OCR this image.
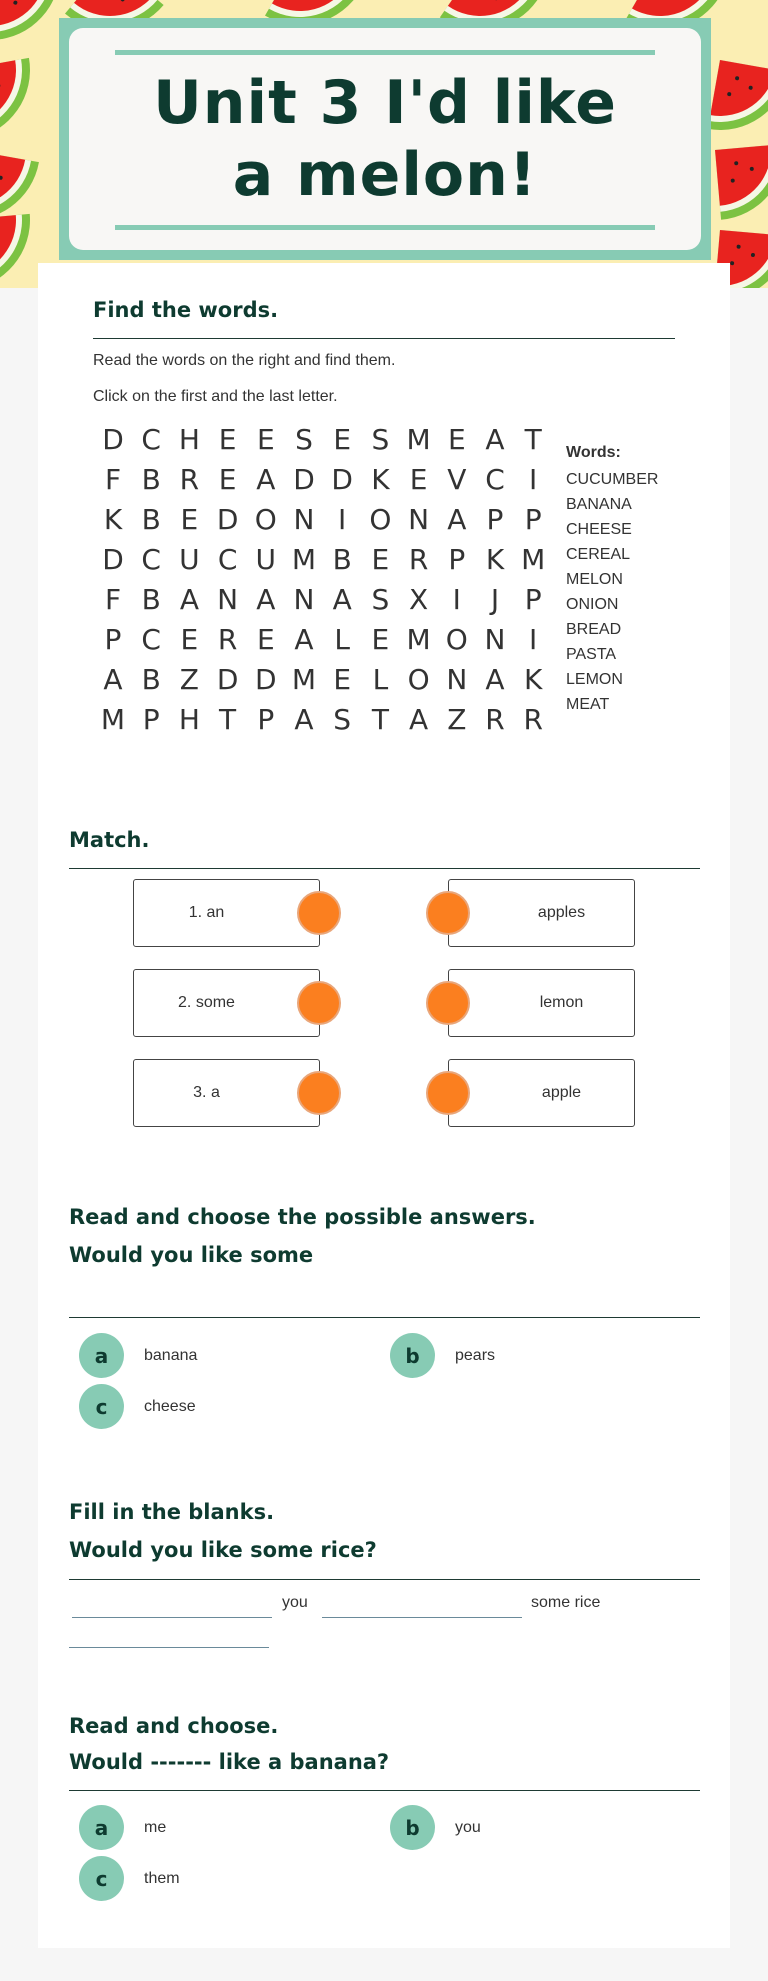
Unit 3 I'd like a melon!
Find the words.
Read the words on the right and find them.
Click on the first and the last letter.
D C H E E S E S M E A T
F B R E A D D K E V C I
K B E D O N I O N A P P
D C U C U M B E R P K M
F B A N A N A S X I	J P
P C E R E A L E M O N I
A B Z D D M E L O N A K
M P H T P A S T A Z R R
Words:
CUCUMBER
BANANA
CHEESE
CEREAL
MELON
ONION
BREAD
PASTA
LEMON
MEAT
Match.
1. an	apples
2. some	lemon
3. a	apple
Read and choose the possible answers.
Would you like some
a	banana	b	pears
c	cheese
Fill in the blanks.
Would you like some rice?
you	some rice
Read and choose.
Would ------- like a banana?
a	me	b	you
c	them
